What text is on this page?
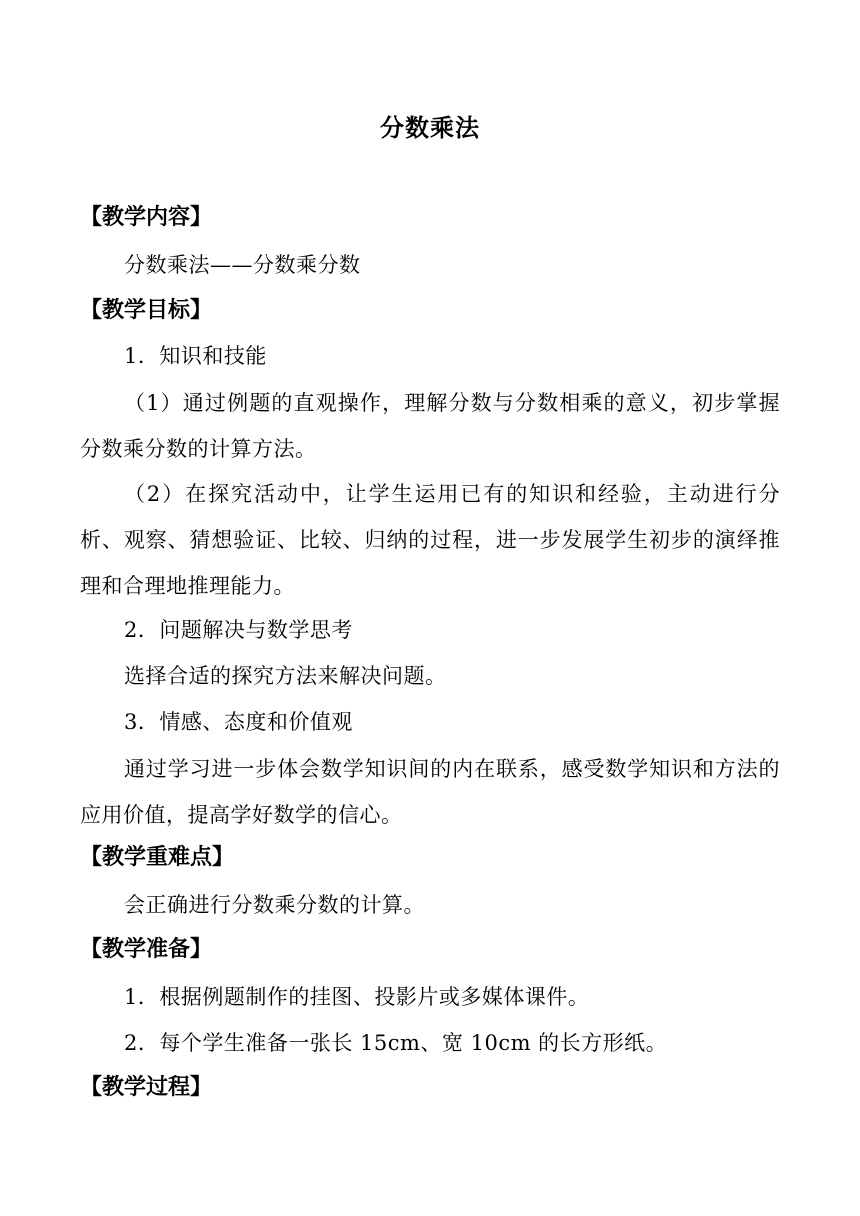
分数乘法
【教学内容】
分数乘法——分数乘分数
【教学目标】
1．知识和技能
（1）通过例题的直观操作，理解分数与分数相乘的意义，初步掌握分数乘分数的计算方法。
（2）在探究活动中，让学生运用已有的知识和经验，主动进行分析、观察、猜想验证、比较、归纳的过程，进一步发展学生初步的演绎推理和合理地推理能力。
2．问题解决与数学思考
选择合适的探究方法来解决问题。
3．情感、态度和价值观
通过学习进一步体会数学知识间的内在联系，感受数学知识和方法的应用价值，提高学好数学的信心。
【教学重难点】
会正确进行分数乘分数的计算。
【教学准备】
1．根据例题制作的挂图、投影片或多媒体课件。
2．每个学生准备一张长 15cm、宽 10cm 的长方形纸。
【教学过程】
